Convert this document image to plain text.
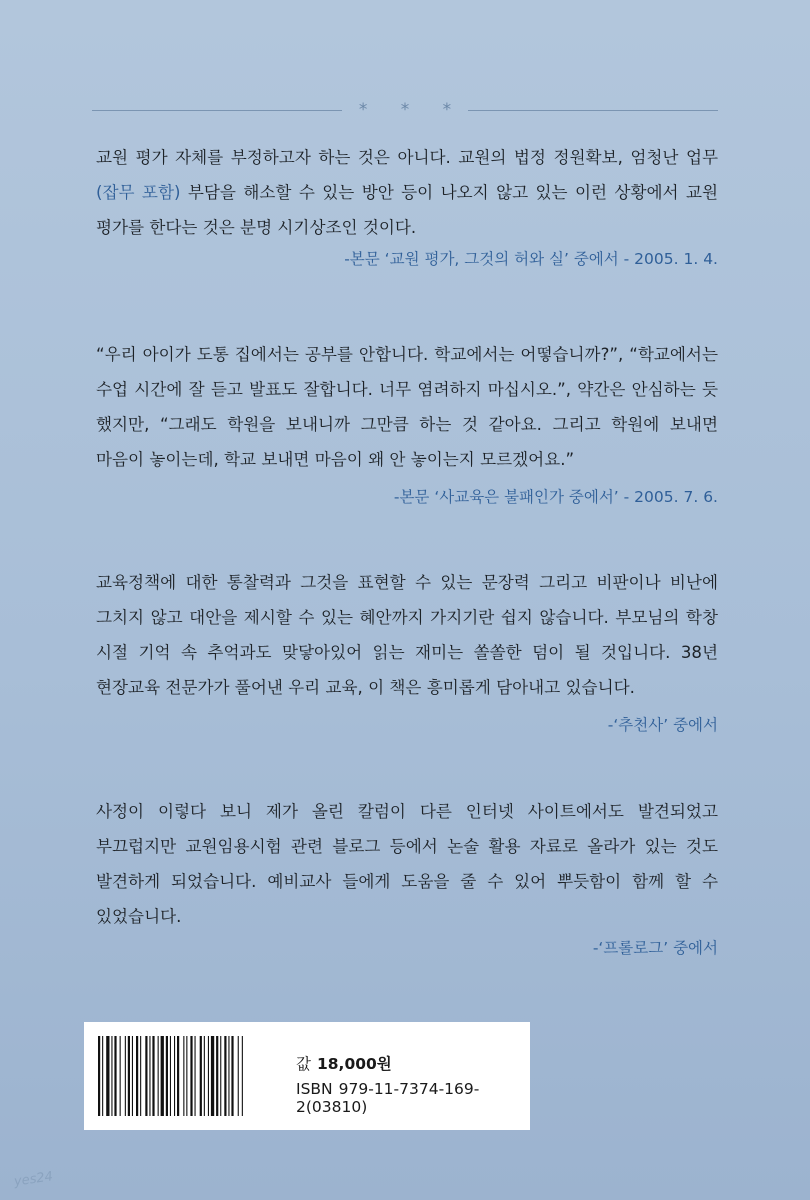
* * *

교원 평가 자체를 부정하고자 하는 것은 아니다. 교원의 법정 정원확보, 엄청난 업무 (잡무 포함) 부담을 해소할 수 있는 방안 등이 나오지 않고 있는 이런 상황에서 교원 평가를 한다는 것은 분명 시기상조인 것이다.

-본문 ‘교원 평가, 그것의 허와 실’ 중에서 - 2005. 1. 4.

“우리 아이가 도통 집에서는 공부를 안합니다. 학교에서는 어떻습니까?”, “학교에서는 수업 시간에 잘 듣고 발표도 잘합니다. 너무 염려하지 마십시오.”, 약간은 안심하는 듯 했지만, “그래도 학원을 보내니까 그만큼 하는 것 같아요. 그리고 학원에 보내면 마음이 놓이는데, 학교 보내면 마음이 왜 안 놓이는지 모르겠어요.”

-본문 ‘사교육은 불패인가 중에서’ - 2005. 7. 6.

교육정책에 대한 통찰력과 그것을 표현할 수 있는 문장력 그리고 비판이나 비난에 그치지 않고 대안을 제시할 수 있는 혜안까지 가지기란 쉽지 않습니다. 부모님의 학창 시절 기억 속 추억과도 맞닿아있어 읽는 재미는 쏠쏠한 덤이 될 것입니다. 38년 현장교육 전문가가 풀어낸 우리 교육, 이 책은 흥미롭게 담아내고 있습니다.

-‘추천사’ 중에서

사정이 이렇다 보니 제가 올린 칼럼이 다른 인터넷 사이트에서도 발견되었고 부끄럽지만 교원임용시험 관련 블로그 등에서 논술 활용 자료로 올라가 있는 것도 발견하게 되었습니다. 예비교사 들에게 도움을 줄 수 있어 뿌듯함이 함께 할 수 있었습니다.

-‘프롤로그’ 중에서

값 18,000원
ISBN 979-11-7374-169-2(03810)
yes24
